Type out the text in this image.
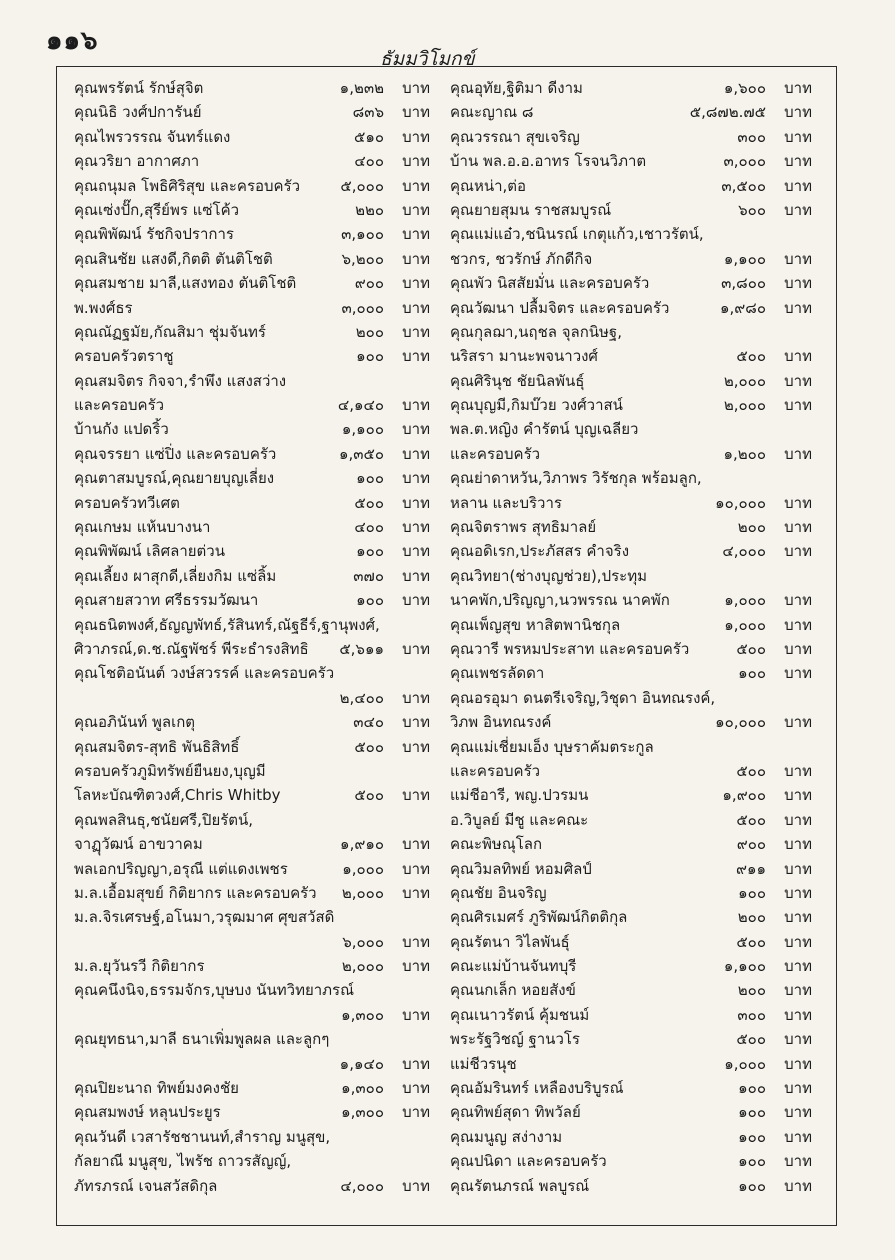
๑๑๖
ธัมมวิโมกข์
คุณพรรัตน์ รักษ์สุจิต	๑,๒๓๒	บาท
คุณนิธิ วงศ์ปการันย์	๘๓๖	บาท
คุณไพรวรรณ จันทร์แดง	๕๑๐	บาท
คุณวริยา อากาศภา	๔๐๐	บาท
คุณถนุมล โพธิศิริสุข และครอบครัว	๕,๐๐๐	บาท
คุณเซ่งปั๊ก,สุรีย์พร แซ่โค้ว	๒๒๐	บาท
คุณพิพัฒน์ รัชกิจปราการ	๓,๑๐๐	บาท
คุณสินชัย แสงดี,กิตติ ตันติโชติ	๖,๒๐๐	บาท
คุณสมชาย มาลี,แสงทอง ตันติโชติ	๙๐๐	บาท
พ.พงศ์ธร	๓,๐๐๐	บาท
คุณณัฏฐมัย,กัณสิมา ชุ่มจันทร์	๒๐๐	บาท
ครอบครัวตราชู	๑๐๐	บาท
คุณสมจิตร กิจจา,รำพึง แสงสว่าง
และครอบครัว	๔,๑๔๐	บาท
บ้านกัง แปดริ้ว	๑,๑๐๐	บาท
คุณจรรยา แซ่ปิ่ง และครอบครัว	๑,๓๕๐	บาท
คุณตาสมบูรณ์,คุณยายบุญเลี่ยง	๑๐๐	บาท
ครอบครัวทวีเศต	๕๐๐	บาท
คุณเกษม แห้นบางนา	๔๐๐	บาท
คุณพิพัฒน์ เลิศลายต่วน	๑๐๐	บาท
คุณเลี้ยง ผาสุกดี,เลี่ยงกิม แซ่ลิ้ม	๓๗๐	บาท
คุณสายสวาท ศรีธรรมวัฒนา	๑๐๐	บาท
คุณธนิตพงศ์,ธัญญพัทธ์,รัสินทร์,ณัฐธีร์,ฐานุพงศ์,
ศิวาภรณ์,ด.ช.ณัฐพัชร์ พีระธำรงสิทธิ ๕,๖๑๑	บาท
คุณโชติอนันต์ วงษ์สวรรค์ และครอบครัว
๒,๔๐๐	บาท
คุณอภินันท์ พูลเกตุ	๓๔๐	บาท
คุณสมจิตร-สุทธิ พันธิสิทธิ์	๕๐๐	บาท
ครอบครัวภูมิทรัพย์ยืนยง,บุญมี
โลหะบัณฑิตวงศ์,Chris Whitby	๕๐๐	บาท
คุณพลสินธุ,ชนัยศรี,ปิยรัตน์,
จาฏุวัฒน์ อาขวาคม	๑,๙๑๐	บาท
พลเอกปริญญา,อรุณี แต่แดงเพชร	๑,๐๐๐	บาท
ม.ล.เอื้อมสุขย์ กิติยากร และครอบครัว ๒,๐๐๐	บาท
ม.ล.จิรเศรษฐ์,อโนมา,วรุฒมาศ ศุขสวัสดิ
๖,๐๐๐	บาท
ม.ล.ยุวันรวี กิติยากร	๒,๐๐๐	บาท
คุณคนึงนิจ,ธรรมจักร,บุษบง นันทวิทยาภรณ์
๑,๓๐๐	บาท
คุณยุทธนา,มาลี ธนาเพิ่มพูลผล และลูกๆ
๑,๑๔๐	บาท
คุณปิยะนาถ ทิพย์มงคงชัย	๑,๓๐๐	บาท
คุณสมพงษ์ หลุนประยูร	๑,๓๐๐	บาท
คุณวันดี เวสารัชชานนท์,สำราญ มนูสุข,
กัลยาณี มนูสุข, ไพรัช ถาวรสัญญ์,
ภัทรภรณ์ เจนสวัสดิกุล	๔,๐๐๐	บาท
คุณอุทัย,ฐิติมา ดีงาม	๑,๖๐๐	บาท
คณะญาณ ๘	๕,๘๗๒.๗๕	บาท
คุณวรรณา สุขเจริญ	๓๐๐	บาท
บ้าน พล.อ.อ.อาทร โรจนวิภาต	๓,๐๐๐	บาท
คุณหน่า,ต่อ	๓,๕๐๐	บาท
คุณยายสุมน ราชสมบูรณ์	๖๐๐	บาท
คุณแม่แอ๋ว,ชนินรณ์ เกตุแก้ว,เชาวรัตน์,
ชวกร, ชวรักษ์ ภักดีกิจ	๑,๑๐๐	บาท
คุณพัว นิสสัยมั่น และครอบครัว	๓,๘๐๐	บาท
คุณวัฒนา ปลื้มจิตร และครอบครัว	๑,๙๘๐	บาท
คุณกุลฌา,นฤชล จุลกนิษฐ,
นริสรา มานะพจนาวงศ์	๕๐๐	บาท
คุณศิรินุช ชัยนิลพันธุ์	๒,๐๐๐	บาท
คุณบุญมี,กิมบ๊วย วงศ์วาสน์	๒,๐๐๐	บาท
พล.ต.หญิง คำรัตน์ บุญเฉลียว
และครอบครัว	๑,๒๐๐	บาท
คุณย่าดาหวัน,วิภาพร วิรัชกุล พร้อมลูก,
หลาน และบริวาร	๑๐,๐๐๐	บาท
คุณจิตราพร สุทธิมาลย์	๒๐๐	บาท
คุณอดิเรก,ประภัสสร คำจริง	๔,๐๐๐	บาท
คุณวิทยา(ช่างบุญช่วย),ประทุม
นาคพัก,ปริญญา,นวพรรณ นาคพัก	๑,๐๐๐	บาท
คุณเพ็ญสุข หาสิตพานิชกุล	๑,๐๐๐	บาท
คุณวารี พรหมประสาท และครอบครัว	๕๐๐	บาท
คุณเพชรลัดดา	๑๐๐	บาท
คุณอรอุมา ดนตรีเจริญ,วิชุดา อินทณรงค์,
วิภพ อินทณรงค์	๑๐,๐๐๐	บาท
คุณแม่เชี่ยมเอ็ง บุษราคัมตระกูล
และครอบครัว	๕๐๐	บาท
แม่ชีอารี, พญ.ปวรมน	๑,๙๐๐	บาท
อ.วิบูลย์ มีชู และคณะ	๕๐๐	บาท
คณะพิษณุโลก	๙๐๐	บาท
คุณวิมลทิพย์ หอมศิลป์	๙๑๑	บาท
คุณชัย อินจริญ	๑๐๐	บาท
คุณศิรเมศร์ ภูริพัฒน์กิตติกุล	๒๐๐	บาท
คุณรัตนา วิไลพันธุ์	๕๐๐	บาท
คณะแม่บ้านจันทบุรี	๑,๑๐๐	บาท
คุณนกเล็ก หอยสังข์	๒๐๐	บาท
คุณเนาวรัตน์ คุ้มชนม์	๓๐๐	บาท
พระรัฐวิชญ์ ฐานวโร	๕๐๐	บาท
แม่ชีวรนุช	๑,๐๐๐	บาท
คุณอัมรินทร์ เหลืองบริบูรณ์	๑๐๐	บาท
คุณทิพย์สุดา ทิพวัลย์	๑๐๐	บาท
คุณมนูญ สง่างาม	๑๐๐	บาท
คุณปนิดา และครอบครัว	๑๐๐	บาท
คุณรัตนภรณ์ พลบูรณ์	๑๐๐	บาท
